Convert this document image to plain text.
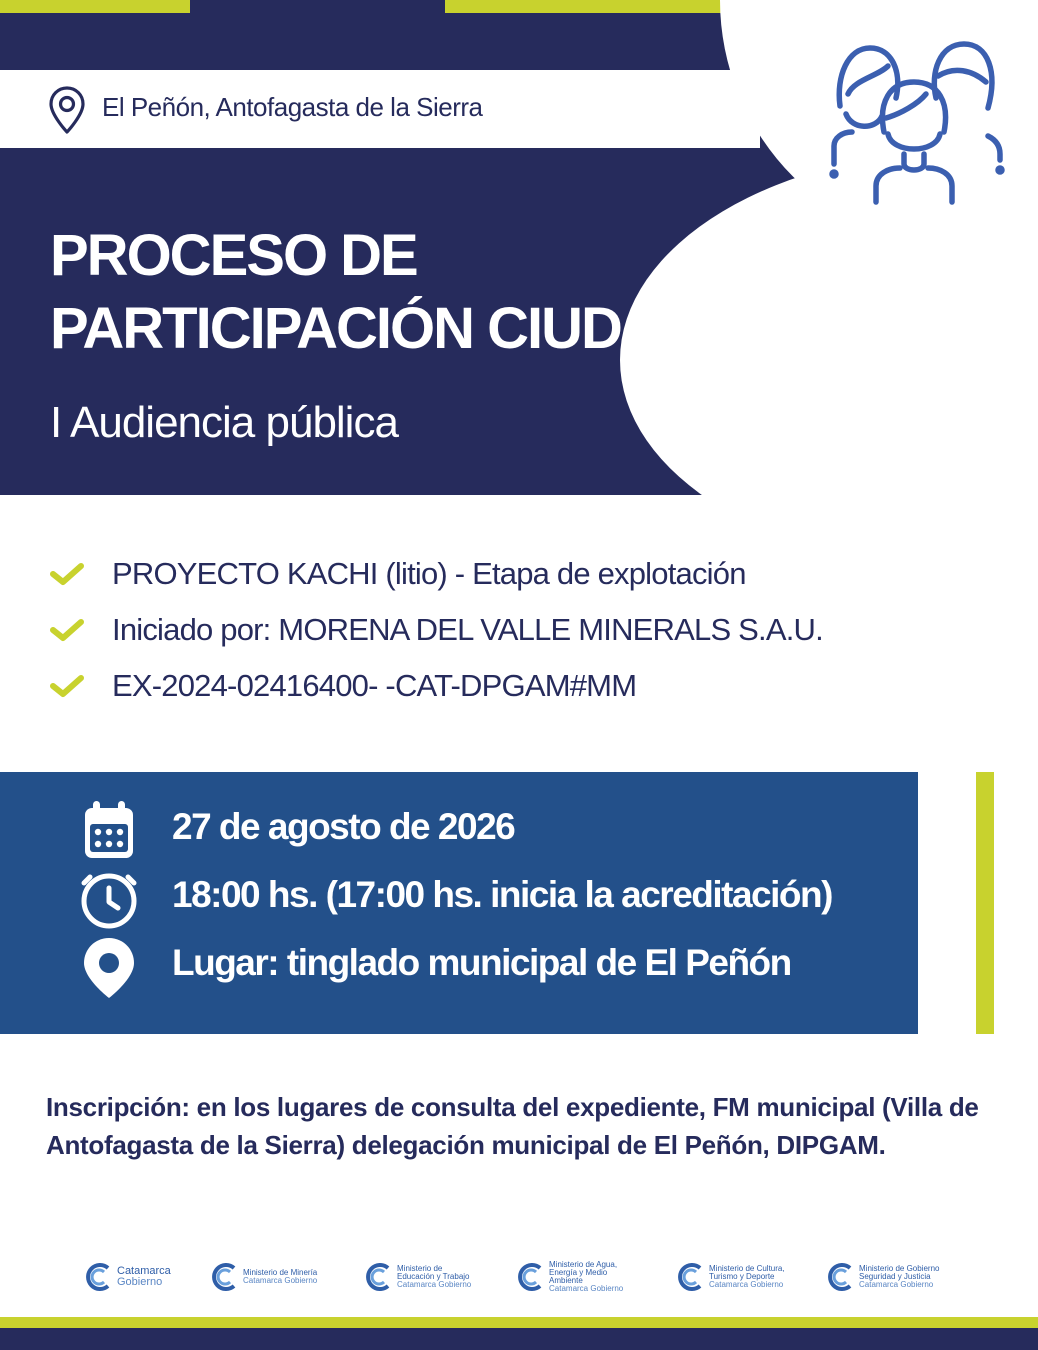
El Peñón, Antofagasta de la Sierra
PROCESO DE
PARTICIPACIÓN CIUDADANA
I Audiencia pública
PROYECTO KACHI (litio) - Etapa de explotación
Iniciado por: MORENA DEL VALLE MINERALS S.A.U.
EX-2024-02416400- -CAT-DPGAM#MM
27 de agosto de 2026
18:00 hs. (17:00 hs. inicia la acreditación)
Lugar: tinglado municipal de El Peñón
Inscripción: en los lugares de consulta del expediente, FM municipal (Villa de Antofagasta de la Sierra) delegación municipal de El Peñón, DIPGAM.
Catamarca
Gobierno
Ministerio de Minería
Catamarca Gobierno
Ministerio de Educación y Trabajo
Catamarca Gobierno
Ministerio de Agua, Energía y Medio Ambiente
Catamarca Gobierno
Ministerio de Cultura, Turismo y Deporte
Catamarca Gobierno
Ministerio de Gobierno Seguridad y Justicia
Catamarca Gobierno
